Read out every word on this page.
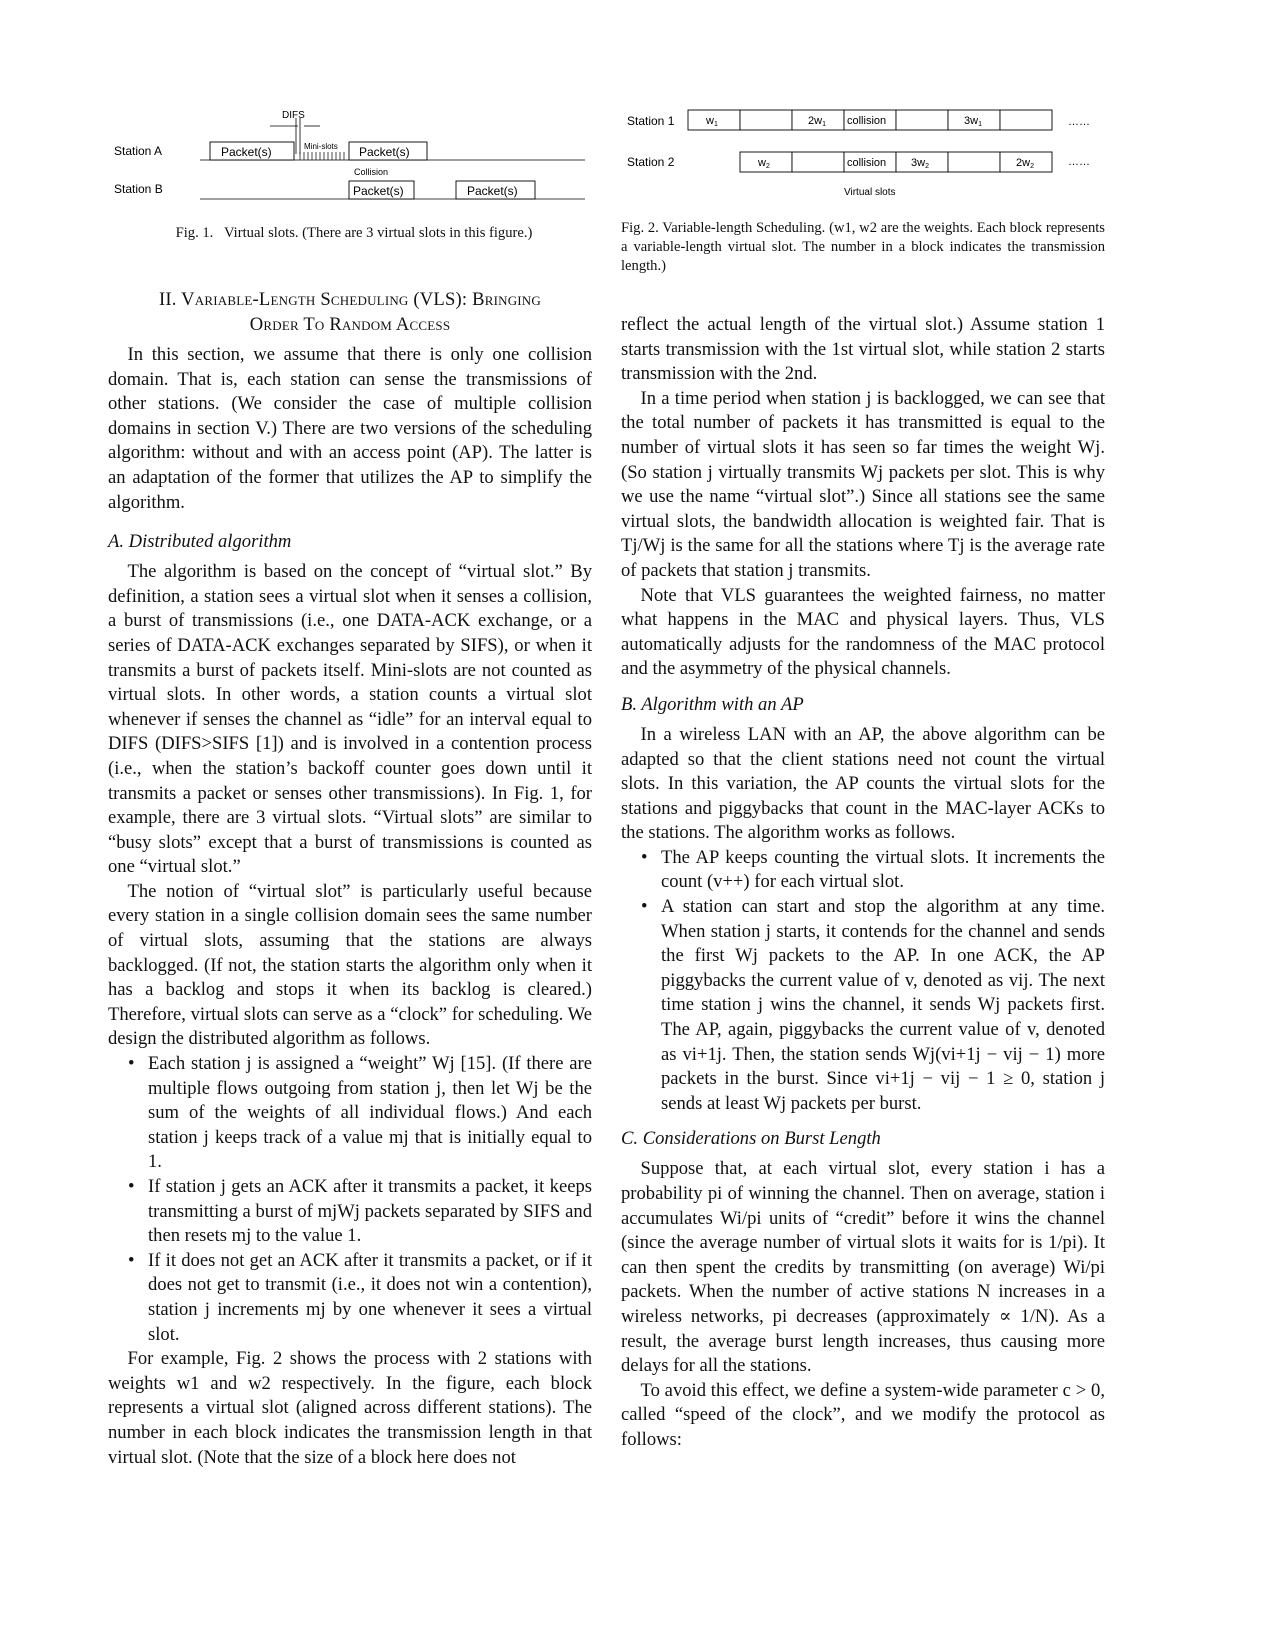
DIFS
Station A	Packet(s)	Mini-slots Packet(s)
Collision
Station B	Packet(s)	Packet(s)

Fig. 1.   Virtual slots. (There are 3 virtual slots in this figure.)

Station 1	w1	2w1 collision	3w1	……
Station 2	w2	collision 3w2	2w2	……
Virtual slots

Fig. 2. Variable-length Scheduling. (w1, w2 are the weights. Each block represents a variable-length virtual slot. The number in a block indicates the transmission length.)

II. Variable-Length Scheduling (VLS): Bringing
Order To Random Access

In this section, we assume that there is only one collision domain. That is, each station can sense the transmissions of other stations. (We consider the case of multiple collision domains in section V.) There are two versions of the scheduling algorithm: without and with an access point (AP). The latter is an adaptation of the former that utilizes the AP to simplify the algorithm.

A. Distributed algorithm

The algorithm is based on the concept of “virtual slot.” By definition, a station sees a virtual slot when it senses a collision, a burst of transmissions (i.e., one DATA-ACK exchange, or a series of DATA-ACK exchanges separated by SIFS), or when it transmits a burst of packets itself. Mini-slots are not counted as virtual slots. In other words, a station counts a virtual slot whenever if senses the channel as “idle” for an interval equal to DIFS (DIFS>SIFS [1]) and is involved in a contention process (i.e., when the station’s backoff counter goes down until it transmits a packet or senses other transmissions). In Fig. 1, for example, there are 3 virtual slots. “Virtual slots” are similar to “busy slots” except that a burst of transmissions is counted as one “virtual slot.”

The notion of “virtual slot” is particularly useful because every station in a single collision domain sees the same number of virtual slots, assuming that the stations are always backlogged. (If not, the station starts the algorithm only when it has a backlog and stops it when its backlog is cleared.) Therefore, virtual slots can serve as a “clock” for scheduling. We design the distributed algorithm as follows.

• Each station j is assigned a “weight” Wj [15]. (If there are multiple flows outgoing from station j, then let Wj be the sum of the weights of all individual flows.) And each station j keeps track of a value mj that is initially equal to 1.
• If station j gets an ACK after it transmits a packet, it keeps transmitting a burst of mjWj packets separated by SIFS and then resets mj to the value 1.
• If it does not get an ACK after it transmits a packet, or if it does not get to transmit (i.e., it does not win a contention), station j increments mj by one whenever it sees a virtual slot.

For example, Fig. 2 shows the process with 2 stations with weights w1 and w2 respectively. In the figure, each block represents a virtual slot (aligned across different stations). The number in each block indicates the transmission length in that virtual slot. (Note that the size of a block here does not

reflect the actual length of the virtual slot.) Assume station 1 starts transmission with the 1st virtual slot, while station 2 starts transmission with the 2nd.

In a time period when station j is backlogged, we can see that the total number of packets it has transmitted is equal to the number of virtual slots it has seen so far times the weight Wj. (So station j virtually transmits Wj packets per slot. This is why we use the name “virtual slot”.) Since all stations see the same virtual slots, the bandwidth allocation is weighted fair. That is Tj/Wj is the same for all the stations where Tj is the average rate of packets that station j transmits.

Note that VLS guarantees the weighted fairness, no matter what happens in the MAC and physical layers. Thus, VLS automatically adjusts for the randomness of the MAC protocol and the asymmetry of the physical channels.

B. Algorithm with an AP

In a wireless LAN with an AP, the above algorithm can be adapted so that the client stations need not count the virtual slots. In this variation, the AP counts the virtual slots for the stations and piggybacks that count in the MAC-layer ACKs to the stations. The algorithm works as follows.

• The AP keeps counting the virtual slots. It increments the count (v++) for each virtual slot.
• A station can start and stop the algorithm at any time. When station j starts, it contends for the channel and sends the first Wj packets to the AP. In one ACK, the AP piggybacks the current value of v, denoted as vij. The next time station j wins the channel, it sends Wj packets first. The AP, again, piggybacks the current value of v, denoted as vi+1j. Then, the station sends Wj(vi+1j − vij − 1) more packets in the burst. Since vi+1j − vij − 1 ≥ 0, station j sends at least Wj packets per burst.
C. Considerations on Burst Length

Suppose that, at each virtual slot, every station i has a probability pi of winning the channel. Then on average, station i accumulates Wi/pi units of “credit” before it wins the channel (since the average number of virtual slots it waits for is 1/pi). It can then spent the credits by transmitting (on average) Wi/pi packets. When the number of active stations N increases in a wireless networks, pi decreases (approximately ∝ 1/N). As a result, the average burst length increases, thus causing more delays for all the stations.

To avoid this effect, we define a system-wide parameter c > 0, called “speed of the clock”, and we modify the protocol as follows:
